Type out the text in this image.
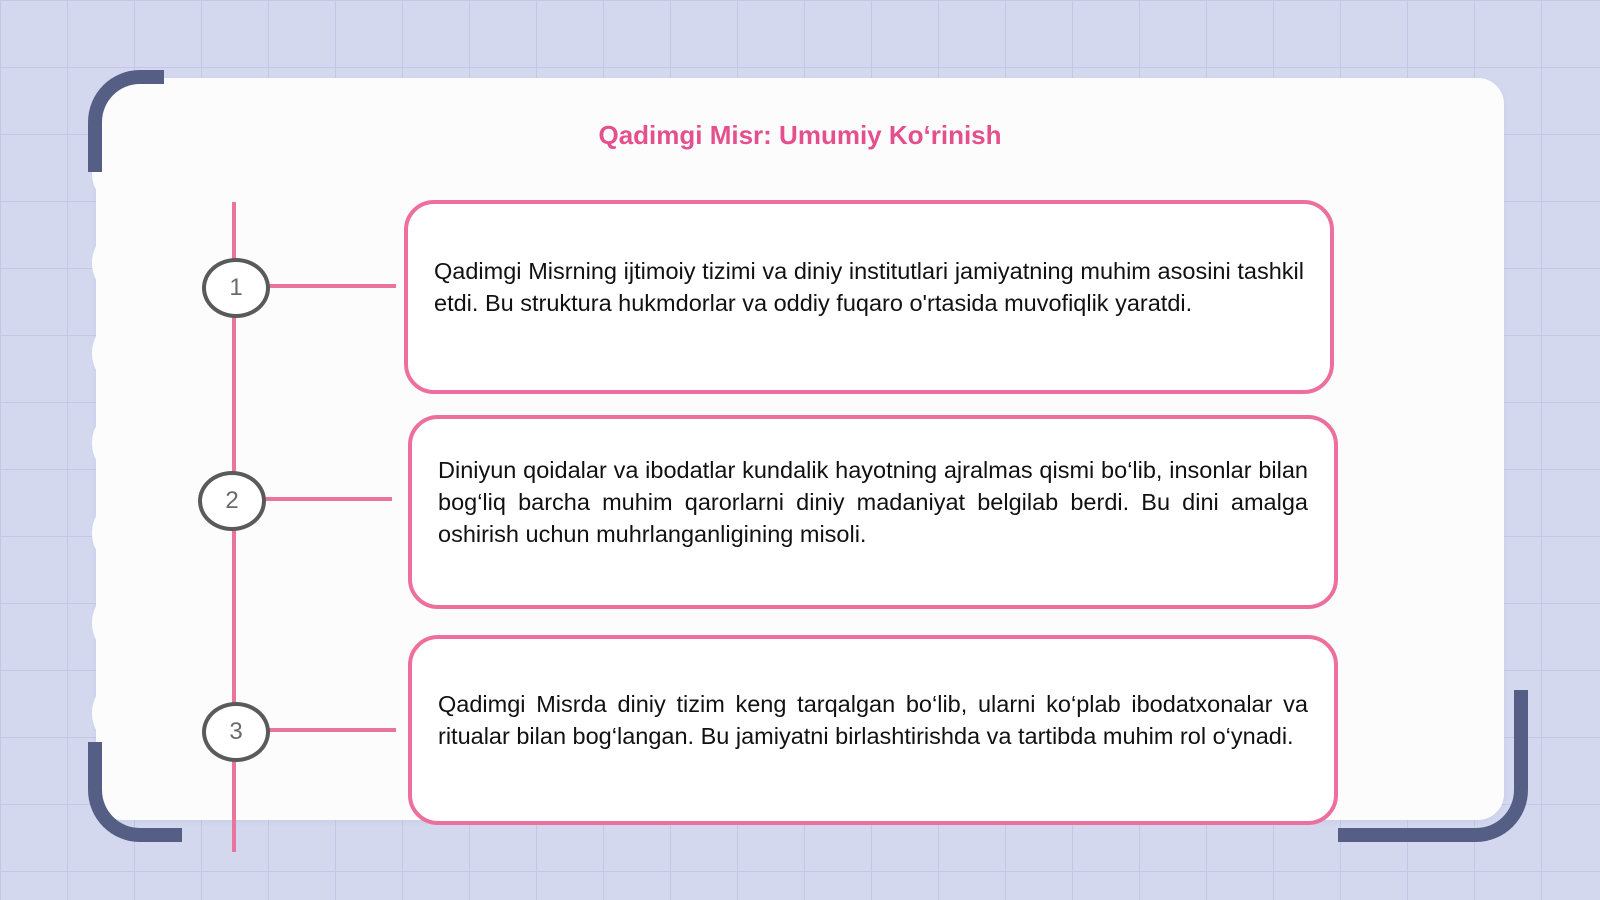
Qadimgi Misr: Umumiy Ko‘rinish
1
2
3

Qadimgi Misrning ijtimoiy tizimi va diniy institutlari jamiyatning muhim asosini tashkil etdi. Bu struktura hukmdorlar va oddiy fuqaro o'rtasida muvofiqlik yaratdi.

Diniyun qoidalar va ibodatlar kundalik hayotning ajralmas qismi bo‘lib, insonlar bilan bog‘liq barcha muhim qarorlarni diniy madaniyat belgilab berdi. Bu dini amalga oshirish uchun muhrlanganligining misoli.

Qadimgi Misrda diniy tizim keng tarqalgan bo‘lib, ularni ko‘plab ibodatxonalar va ritualar bilan bog‘langan. Bu jamiyatni birlashtirishda va tartibda muhim rol o‘ynadi.
